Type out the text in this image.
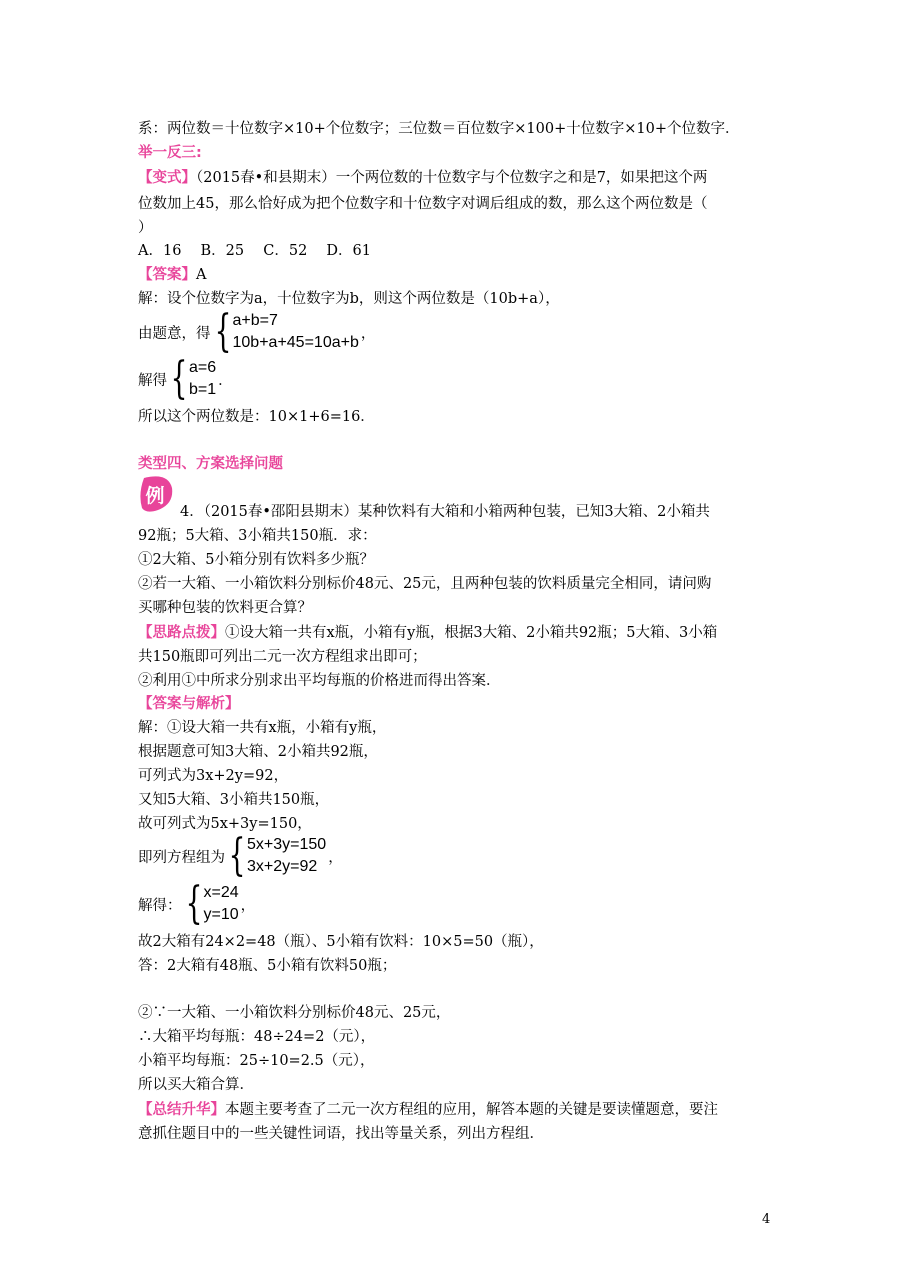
系：两位数＝十位数字×10+个位数字；三位数＝百位数字×100+十位数字×10+个位数字．
举一反三:
【变式】（2015春•和县期末）一个两位数的十位数字与个位数字之和是7，如果把这个两
位数加上45，那么恰好成为把个位数字和十位数字对调后组成的数，那么这个两位数是（
）
A．16　 B．25　 C．52　 D．61
【答案】A
解：设个位数字为a，十位数字为b，则这个两位数是（10b+a），
由题意，得 { a+b=7
10b+a+45=10a+b
，
解得 { a=6
b=1
．
所以这个两位数是：10×1+6=16．
类型四、方案选择问题
例
4．（2015春•邵阳县期末）某种饮料有大箱和小箱两种包装，已知3大箱、2小箱共
92瓶；5大箱、3小箱共150瓶．求：
①2大箱、5小箱分别有饮料多少瓶？
②若一大箱、一小箱饮料分别标价48元、25元，且两种包装的饮料质量完全相同，请问购
买哪种包装的饮料更合算？
【思路点拨】①设大箱一共有x瓶，小箱有y瓶，根据3大箱、2小箱共92瓶；5大箱、3小箱
共150瓶即可列出二元一次方程组求出即可；
②利用①中所求分别求出平均每瓶的价格进而得出答案．
【答案与解析】
解：①设大箱一共有x瓶，小箱有y瓶，
根据题意可知3大箱、2小箱共92瓶，
可列式为3x+2y=92，
又知5大箱、3小箱共150瓶，
故可列式为5x+3y=150，
即列方程组为 { 5x+3y=150
3x+2y=92
，
解得： { x=24
y=10
，
故2大箱有24×2=48（瓶）、5小箱有饮料：10×5=50（瓶），
答：2大箱有48瓶、5小箱有饮料50瓶；
②∵一大箱、一小箱饮料分别标价48元、25元，
∴大箱平均每瓶：48÷24=2（元），
小箱平均每瓶：25÷10=2.5（元），
所以买大箱合算．
【总结升华】本题主要考查了二元一次方程组的应用，解答本题的关键是要读懂题意，要注
意抓住题目中的一些关键性词语，找出等量关系，列出方程组．
4
